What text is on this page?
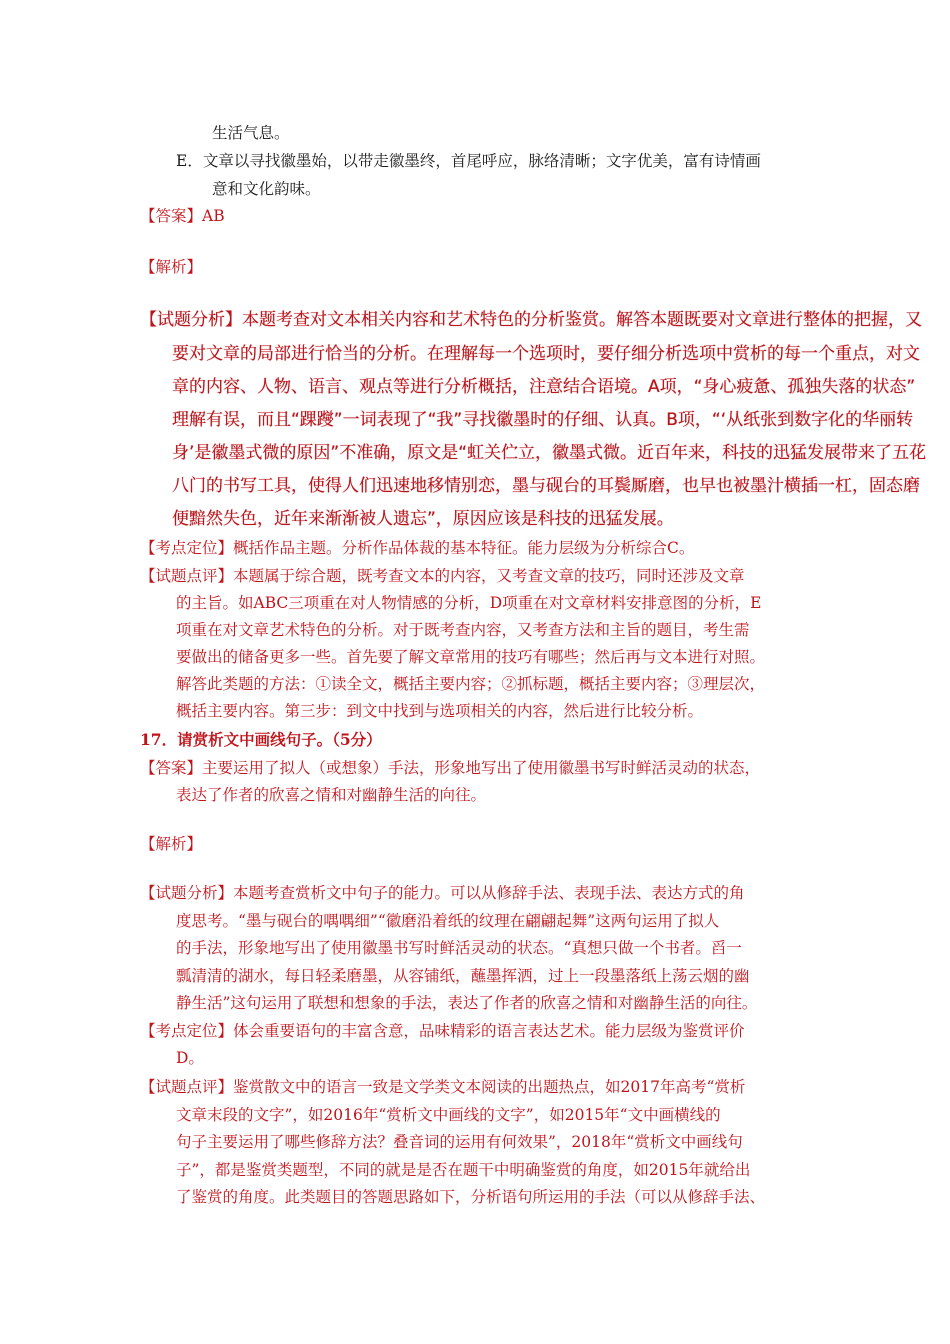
生活气息。
E．文章以寻找徽墨始，以带走徽墨终，首尾呼应，脉络清晰；文字优美，富有诗情画
意和文化韵味。
【答案】AB
【解析】
【试题分析】本题考查对文本相关内容和艺术特色的分析鉴赏。解答本题既要对文章进行整体的把握，又
要对文章的局部进行恰当的分析。在理解每一个选项时，要仔细分析选项中赏析的每一个重点，对文
章的内容、人物、语言、观点等进行分析概括，注意结合语境。A项，“身心疲惫、孤独失落的状态”
理解有误，而且“踝躞”一词表现了“我”寻找徽墨时的仔细、认真。B项，“‘从纸张到数字化的华丽转
身’是徽墨式微的原因”不准确，原文是“虹关伫立，徽墨式微。近百年来，科技的迅猛发展带来了五花
八门的书写工具，使得人们迅速地移情别恋，墨与砚台的耳鬓厮磨，也早也被墨汁横插一杠，固态磨
便黯然失色，近年来渐渐被人遗忘”，原因应该是科技的迅猛发展。
【考点定位】概括作品主题。分析作品体裁的基本特征。能力层级为分析综合C。
【试题点评】本题属于综合题，既考查文本的内容，又考查文章的技巧，同时还涉及文章
的主旨。如ABC三项重在对人物情感的分析，D项重在对文章材料安排意图的分析，E
项重在对文章艺术特色的分析。对于既考查内容，又考查方法和主旨的题目，考生需
要做出的储备更多一些。首先要了解文章常用的技巧有哪些；然后再与文本进行对照。
解答此类题的方法：①读全文，概括主要内容；②抓标题，概括主要内容；③理层次，
概括主要内容。第三步：到文中找到与选项相关的内容，然后进行比较分析。
17．请赏析文中画线句子。（5分）
【答案】主要运用了拟人（或想象）手法，形象地写出了使用徽墨书写时鲜活灵动的状态，
表达了作者的欣喜之情和对幽静生活的向往。
【解析】
【试题分析】本题考查赏析文中句子的能力。可以从修辞手法、表现手法、表达方式的角
度思考。“墨与砚台的喁喁细”“徽磨沿着纸的纹理在翩翩起舞”这两句运用了拟人
的手法，形象地写出了使用徽墨书写时鲜活灵动的状态。“真想只做一个书者。舀一
瓢清清的湖水，每日轻柔磨墨，从容铺纸，蘸墨挥洒，过上一段墨落纸上荡云烟的幽
静生活”这句运用了联想和想象的手法，表达了作者的欣喜之情和对幽静生活的向往。
【考点定位】体会重要语句的丰富含意，品味精彩的语言表达艺术。能力层级为鉴赏评价
D。
【试题点评】鉴赏散文中的语言一致是文学类文本阅读的出题热点，如2017年高考“赏析
文章末段的文字”，如2016年“赏析文中画线的文字”，如2015年“文中画横线的
句子主要运用了哪些修辞方法？叠音词的运用有何效果”，2018年“赏析文中画线句
子”，都是鉴赏类题型，不同的就是是否在题干中明确鉴赏的角度，如2015年就给出
了鉴赏的角度。此类题目的答题思路如下，分析语句所运用的手法（可以从修辞手法、
